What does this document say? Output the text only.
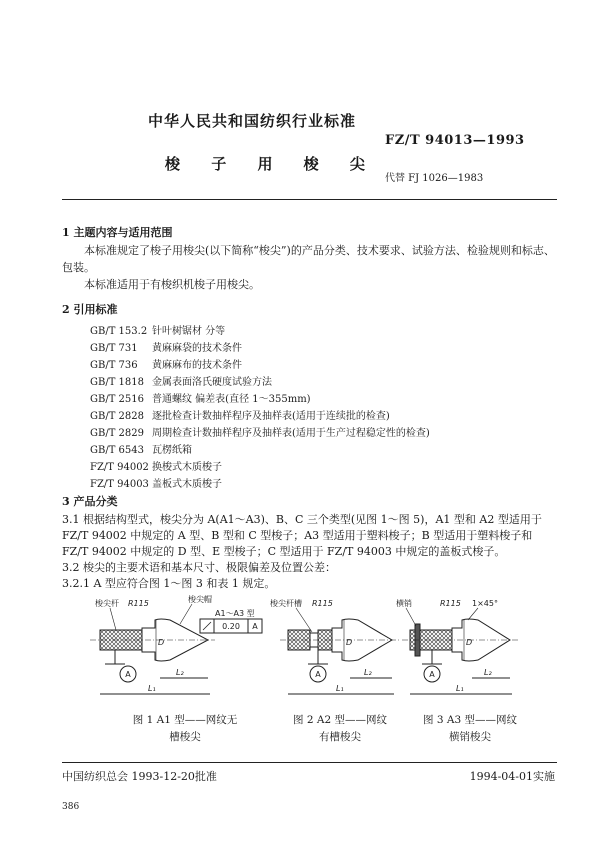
中华人民共和国纺织行业标准
FZ/T 94013—1993
梭 子 用 梭 尖
代替 FJ 1026—1983
1 主题内容与适用范围
本标准规定了梭子用梭尖(以下简称“梭尖”)的产品分类、技术要求、试验方法、检验规则和标志、包装。
本标准适用于有梭织机梭子用梭尖。
2 引用标准
GB/T 153.2 针叶树锯材 分等
GB/T 731 黄麻麻袋的技术条件
GB/T 736 黄麻麻布的技术条件
GB/T 1818 金属表面洛氏硬度试验方法
GB/T 2516 普通螺纹 偏差表(直径 1～355mm)
GB/T 2828 逐批检查计数抽样程序及抽样表(适用于连续批的检查)
GB/T 2829 周期检查计数抽样程序及抽样表(适用于生产过程稳定性的检查)
GB/T 6543 瓦楞纸箱
FZ/T 94002 换梭式木质梭子
FZ/T 94003 盖板式木质梭子
3 产品分类
3.1 根据结构型式，梭尖分为 A(A1～A3)、B、C 三个类型(见图 1～图 5)，A1 型和 A2 型适用于 FZ/T 94002 中规定的 A 型、B 型和 C 型梭子；A3 型适用于塑料梭子；B 型适用于塑料梭子和 FZ/T 94002 中规定的 D 型、E 型梭子；C 型适用于 FZ/T 94003 中规定的盖板式梭子。
3.2 梭尖的主要术语和基本尺寸、极限偏差及位置公差：
3.2.1 A 型应符合图 1～图 3 和表 1 规定。
A
L₁
L₂
D
梭尖杆 R115	梭尖帽
A1～A3 型
0.20 A
A
L₁
L₂
D
梭尖杆槽 R115
A
L₁
L₂
D
横销	R115 1×45°
图 1 A1 型——网纹无
槽梭尖
图 2 A2 型——网纹
有槽梭尖
图 3 A3 型——网纹
横销梭尖
中国纺织总会 1993-12-20批准	1994-04-01实施
386
